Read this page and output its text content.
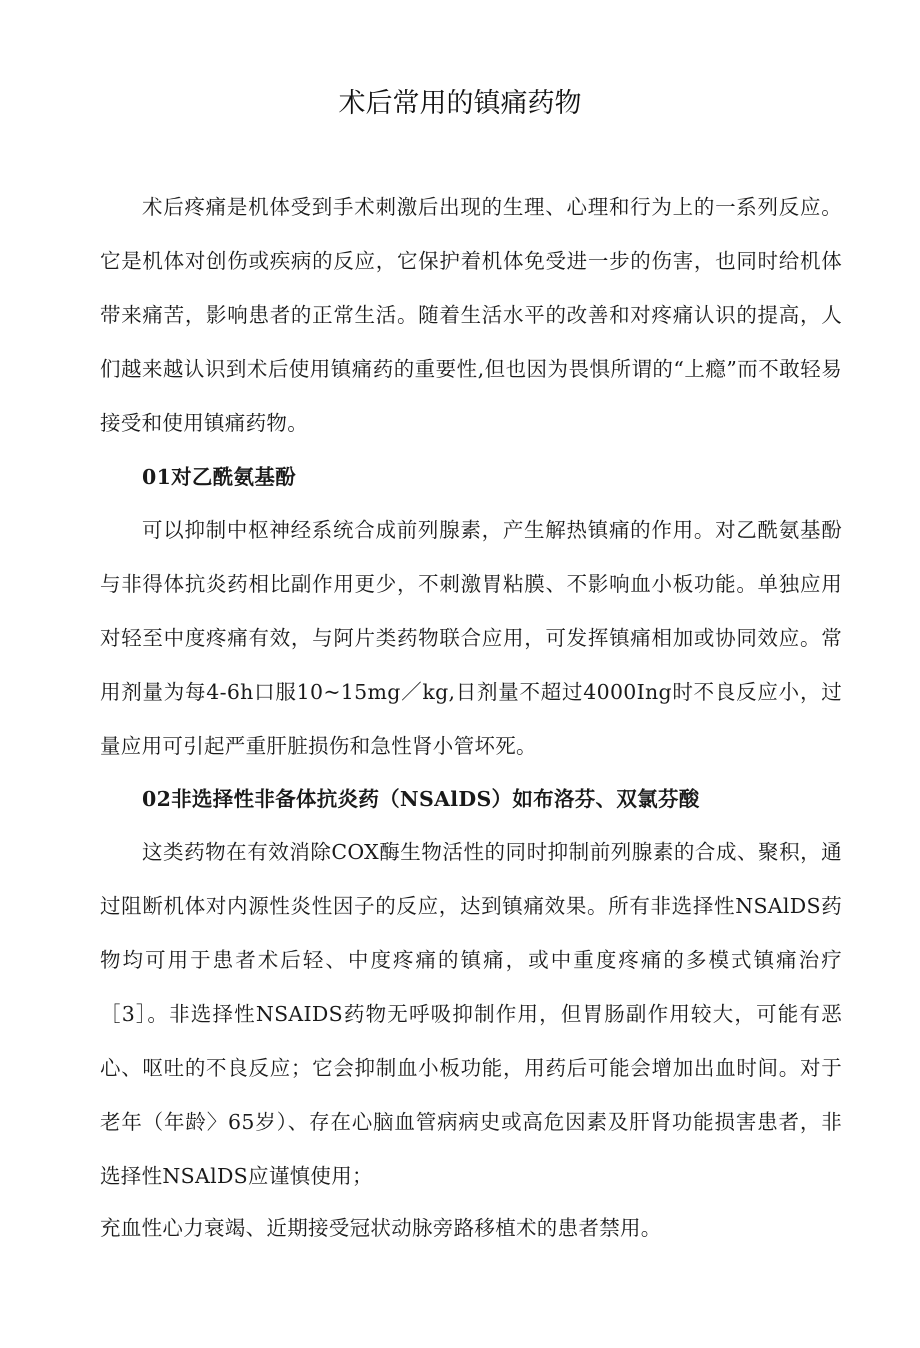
术后常用的镇痛药物

术后疼痛是机体受到手术刺激后出现的生理、心理和行为上的一系列反应。它是机体对创伤或疾病的反应，它保护着机体免受进一步的伤害，也同时给机体带来痛苦，影响患者的正常生活。随着生活水平的改善和对疼痛认识的提高，人们越来越认识到术后使用镇痛药的重要性,但也因为畏惧所谓的“上瘾”而不敢轻易接受和使用镇痛药物。

01对乙酰氨基酚

可以抑制中枢神经系统合成前列腺素，产生解热镇痛的作用。对乙酰氨基酚与非得体抗炎药相比副作用更少，不刺激胃粘膜、不影响血小板功能。单独应用对轻至中度疼痛有效，与阿片类药物联合应用，可发挥镇痛相加或协同效应。常用剂量为每4-6h口服10~15mg／kg,日剂量不超过4000Ing时不良反应小，过量应用可引起严重肝脏损伤和急性肾小管坏死。

02非选择性非备体抗炎药（NSAlDS）如布洛芬、双氯芬酸

这类药物在有效消除COX酶生物活性的同时抑制前列腺素的合成、聚积，通过阻断机体对内源性炎性因子的反应，达到镇痛效果。所有非选择性NSAlDS药物均可用于患者术后轻、中度疼痛的镇痛，或中重度疼痛的多模式镇痛治疗［3］。非选择性NSAIDS药物无呼吸抑制作用，但胃肠副作用较大，可能有恶心、呕吐的不良反应；它会抑制血小板功能，用药后可能会增加出血时间。对于老年（年龄〉65岁）、存在心脑血管病病史或高危因素及肝肾功能损害患者，非选择性NSAlDS应谨慎使用；

充血性心力衰竭、近期接受冠状动脉旁路移植术的患者禁用。
